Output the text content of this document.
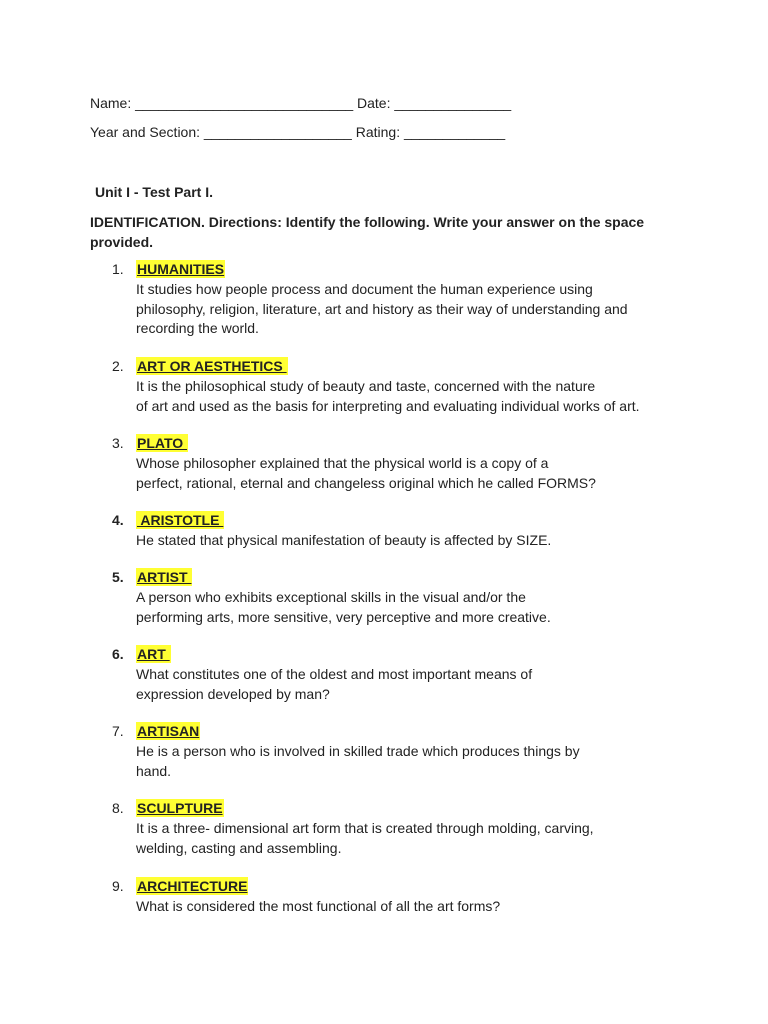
Name: ____________________________ Date: _______________
Year and Section: ___________________ Rating: _____________
Unit I - Test Part I.
IDENTIFICATION. Directions: Identify the following. Write your answer on the space provided.
1. HUMANITIES
It studies how people process and document the human experience using
philosophy, religion, literature, art and history as their way of understanding and
recording the world.
2. ART OR AESTHETICS
It is the philosophical study of beauty and taste, concerned with the nature
of art and used as the basis for interpreting and evaluating individual works of art.
3. PLATO
Whose philosopher explained that the physical world is a copy of a
perfect, rational, eternal and changeless original which he called FORMS?
4. ARISTOTLE
He stated that physical manifestation of beauty is affected by SIZE.
5. ARTIST
A person who exhibits exceptional skills in the visual and/or the
performing arts, more sensitive, very perceptive and more creative.
6. ART
What constitutes one of the oldest and most important means of
expression developed by man?
7. ARTISAN
He is a person who is involved in skilled trade which produces things by
hand.
8. SCULPTURE
It is a three- dimensional art form that is created through molding, carving,
welding, casting and assembling.
9. ARCHITECTURE
What is considered the most functional of all the art forms?
